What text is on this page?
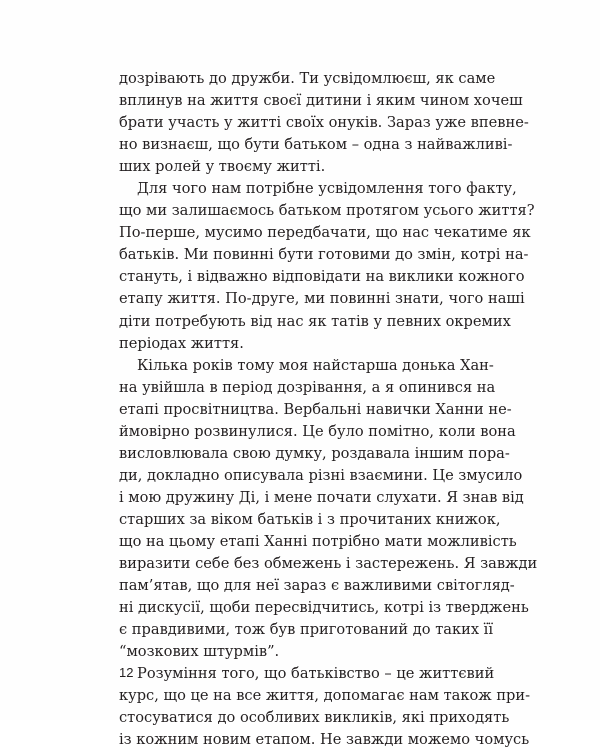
дозрівають до дружби. Ти усвідомлюєш, як саме
вплинув на життя своєї дитини і яким чином хочеш
брати участь у житті своїх онуків. Зараз уже впевне-
но визнаєш, що бути батьком – одна з найважливі-
ших ролей у твоєму житті.
Для чого нам потрібне усвідомлення того факту,
що ми залишаємось батьком протягом усього життя?
По-перше, мусимо передбачати, що нас чекатиме як
батьків. Ми повинні бути готовими до змін, котрі на-
стануть, і відважно відповідати на виклики кожного
етапу життя. По-друге, ми повинні знати, чого наші
діти потребують від нас як татів у певних окремих
періодах життя.
Кілька років тому моя найстарша донька Хан-
на увійшла в період дозрівання, а я опинився на
етапі просвітництва. Вербальні навички Ханни не-
ймовірно розвинулися. Це було помітно, коли вона
висловлювала свою думку, роздавала іншим пора-
ди, докладно описувала різні взаємини. Це змусило
і мою дружину Ді, і мене почати слухати. Я знав від
старших за віком батьків і з прочитаних книжок,
що на цьому етапі Ханні потрібно мати можливість
виразити себе без обмежень і застережень. Я завжди
пам’ятав, що для неї зараз є важливими світогляд-
ні дискусії, щоби пересвідчитись, котрі із тверджень
є правдивими, тож був приготований до таких її
“мозкових штурмів”.
Розуміння того, що батьківство – це життєвий
курс, що це на все життя, допомагає нам також при-
стосуватися до особливих викликів, які приходять
із кожним новим етапом. Не завжди можемо чомусь
12
